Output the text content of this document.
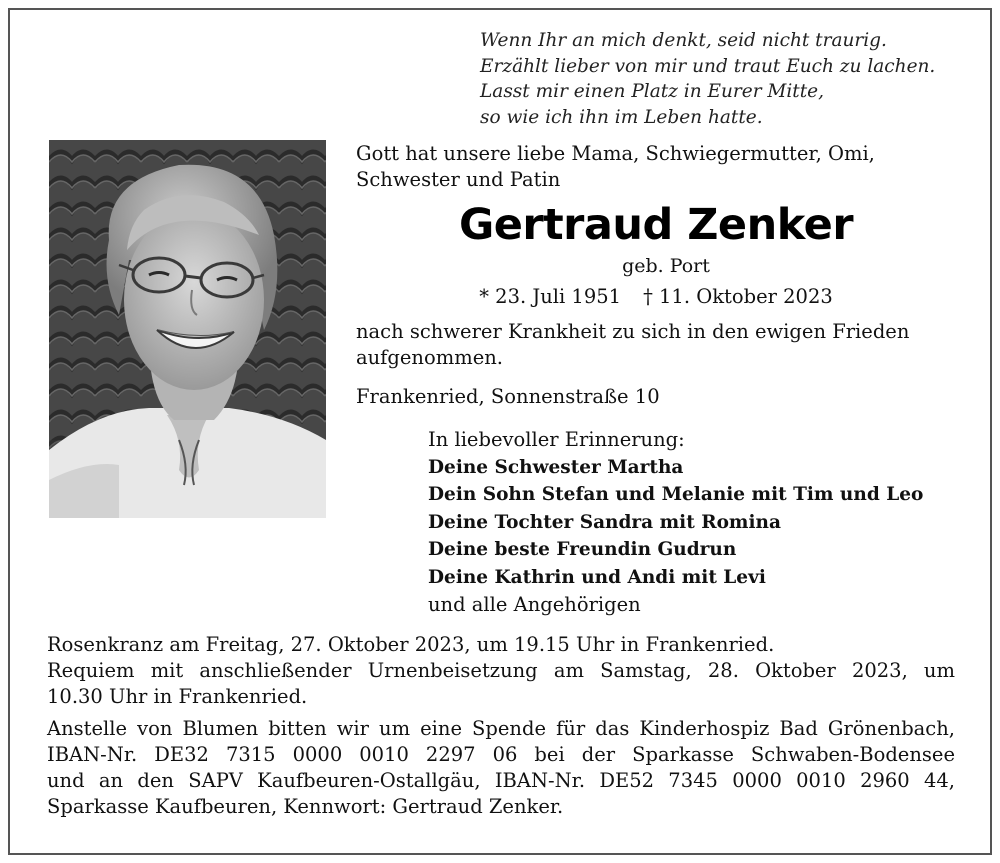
Wenn Ihr an mich denkt, seid nicht traurig.
Erzählt lieber von mir und traut Euch zu lachen.
Lasst mir einen Platz in Eurer Mitte,
so wie ich ihn im Leben hatte.
Gott hat unsere liebe Mama, Schwiegermutter, Omi,
Schwester und Patin
Gertraud Zenker
geb. Port
* 23. Juli 1951 † 11. Oktober 2023
nach schwerer Krankheit zu sich in den ewigen Frieden
aufgenommen.
Frankenried, Sonnenstraße 10
In liebevoller Erinnerung:
Deine Schwester Martha
Dein Sohn Stefan und Melanie mit Tim und Leo
Deine Tochter Sandra mit Romina
Deine beste Freundin Gudrun
Deine Kathrin und Andi mit Levi
und alle Angehörigen
Rosenkranz am Freitag, 27. Oktober 2023, um 19.15 Uhr in Frankenried.
Requiem mit anschließender Urnenbeisetzung am Samstag, 28. Oktober 2023, um
10.30 Uhr in Frankenried.
Anstelle von Blumen bitten wir um eine Spende für das Kinderhospiz Bad Grönenbach,
IBAN-Nr. DE32 7315 0000 0010 2297 06 bei der Sparkasse Schwaben-Bodensee
und an den SAPV Kaufbeuren-Ostallgäu, IBAN-Nr. DE52 7345 0000 0010 2960 44,
Sparkasse Kaufbeuren, Kennwort: Gertraud Zenker.
